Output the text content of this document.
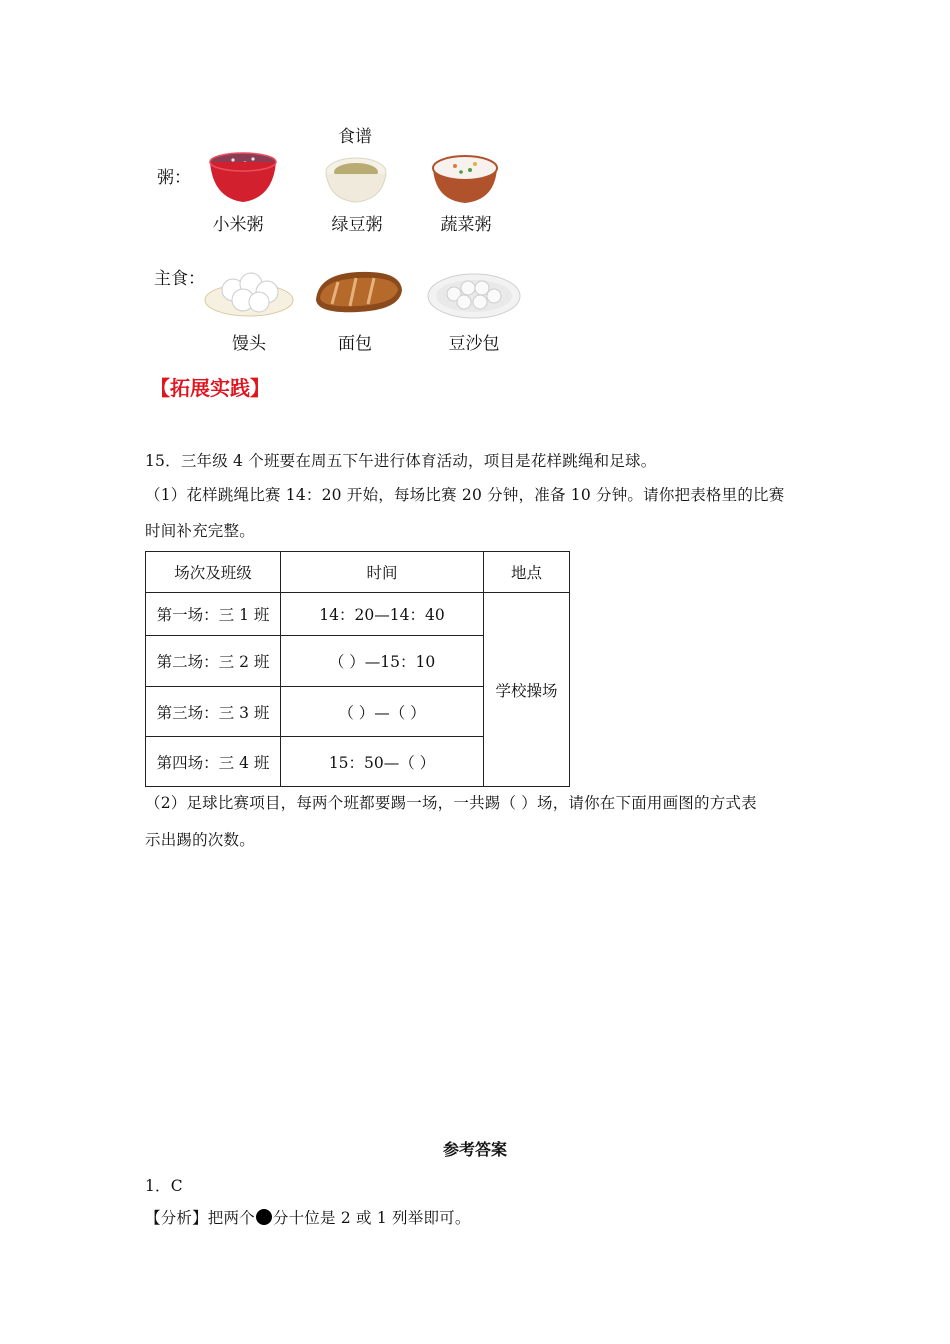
食谱
粥：
主食：
小米粥	绿豆粥	蔬菜粥
馒头	面包	豆沙包
【拓展实践】
15．三年级 4 个班要在周五下午进行体育活动，项目是花样跳绳和足球。
（1）花样跳绳比赛 14：20 开始，每场比赛 20 分钟，准备 10 分钟。请你把表格里的比赛
时间补充完整。
场次及班级	时间	地点
第一场：三 1 班	14：20—14：40	学校操场
第二场：三 2 班	（ ）—15：10	
第三场：三 3 班	（ ）—（ ）	
第四场：三 4 班	15：50—（ ）	
（2）足球比赛项目，每两个班都要踢一场，一共踢（ ）场，请你在下面用画图的方式表
示出踢的次数。
参考答案
1．C
【分析】把两个 分十位是 2 或 1 列举即可。
